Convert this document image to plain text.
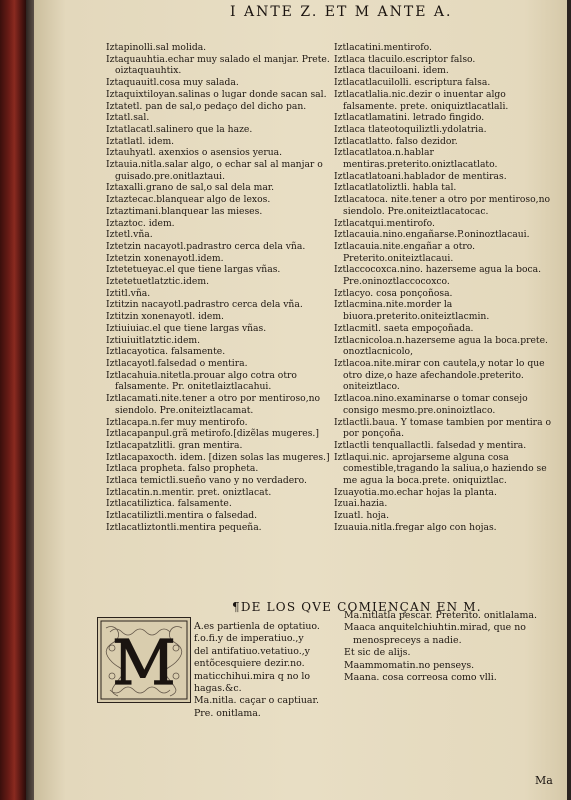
I ANTE Z. ET M ANTE A.

Iztapinolli.sal molida.

Iztaquauhtia.echar muy salado el manjar. Prete. oiztaquauhtix.

Iztaquauitl.cosa muy salada.

Iztaquixtiloyan.salinas o lugar donde sacan sal.

Iztatetl. pan de sal,o pedaço del dicho pan.

Iztatl.sal.

Iztatlacatl.salinero que la haze.

Iztatlatl. idem.

Iztauhyatl. axenxios o asensios yerua.

Iztauia.nitla.salar algo, o echar sal al manjar o guisado.pre.onitlaztaui.

Iztaxalli.grano de sal,o sal dela mar.

Iztaztecac.blanquear algo de lexos.

Iztaztimani.blanquear las mieses.

Iztaztoc. idem.

Iztetl.vña.

Iztetzin nacayotl.padrastro cerca dela vña.

Iztetzin xonenayotl.idem.

Iztetetueyac.el que tiene largas vñas.

Iztetetuetlatztic.idem.

Iztitl.vña.

Iztitzin nacayotl.padrastro cerca dela vña.

Iztitzin xonenayotl. idem.

Iztiuiuiac.el que tiene largas vñas.

Iztiuiuitlatztic.idem.

Iztlacayotica. falsamente.

Iztlacayotl.falsedad o mentira.

Iztlacahuia.nitetla.prouar algo cotra otro falsamente. Pr. onitetlaiztlacahui.

Iztlacamati.nite.tener a otro por mentiroso,no siendolo. Pre.oniteiztlacamat.

Iztlacapa.n.fer muy mentirofo.

Iztlacapanpul.grã metirofo.[dizẽlas mugeres.]

Iztlacapatzlitli. gran mentira.

Iztlacapaxocth. idem. [dizen solas las mugeres.]

Iztlaca propheta. falso propheta.

Iztlaca temictli.sueño vano y no verdadero.

Iztlacatin.n.mentir. pret. oniztlacat.

Iztlacatiliztica. falsamente.

Iztlacatiliztli.mentira o falsedad.

Iztlacatliztontli.mentira pequeña.

Iztlacatini.mentirofo.

Iztlaca tlacuilo.escriptor falso.

Iztlaca tlacuiloani. idem.

Iztlacatlacuilolli. escriptura falsa.

Iztlacatlalia.nic.dezir o inuentar algo falsamente. prete. oniquiztlacatlali.

Iztlacatlamatini. letrado fingido.

Iztlaca tlateotoquiliztli.ydolatria.

Iztlacatlatto. falso dezidor.

Iztlacatlatoa.n.hablar mentiras.preterito.oniztlacatlato.

Iztlacatlatoani.hablador de mentiras.

Iztlacatlatoliztli. habla tal.

Iztlacatoca. nite.tener a otro por mentiroso,no siendolo. Pre.oniteiztlacatocac.

Iztlacatqui.mentirofo.

Iztlacauia.nino.engañarse.P.oninoztlacaui.

Iztlacauia.nite.engañar a otro. Preterito.oniteiztlacaui.

Iztlaccocoxca.nino. hazerseme agua la boca. Pre.oninoztlaccocoxco.

Iztlacyo. cosa ponçoñosa.

Iztlacmina.nite.morder la biuora.preterito.oniteiztlacmin.

Iztlacmitl. saeta empoçoñada.

Iztlacnicoloa.n.hazerseme agua la boca.prete. onoztlacnicolo,

Iztlacoa.nite.mirar con cautela,y notar lo que otro dize,o haze afechandole.preterito. oniteiztlaco.

Iztlacoa.nino.examinarse o tomar consejo consigo mesmo.pre.oninoiztlaco.

Iztlactli.baua. Y tomase tambien por mentira o por ponçoña.

Iztlactli tenquallactli. falsedad y mentira.

Iztlaqui.nic. aprojarseme alguna cosa comestible,tragando la saliua,o haziendo se me agua la boca.prete. oniquiztlac.

Izuayotia.mo.echar hojas la planta.

Izuai.hazia.

Izuatl. hoja.

Izuauia.nitla.fregar algo con hojas.

¶DE LOS QVE COMIENÇAN EN M.
M A.es partienla de optatiuo.

f.o.fi.y de imperatiuo.,y

del antifatiuo.vetatiuo.,y

entõcesquiere dezir.no.

maticchihui.mira q no lo

hagas.&c.

Ma.nitla. caçar o captiuar.

Pre. onitlama.

Ma.nitlatla pescar. Preterito. onitlalama.

Maaca anquitelchiuhtin.mirad, que no menospreceys a nadie.

Et sic de alijs.

Maammomatin.no penseys.

Maana. cosa correosa como vlli.

Ma
